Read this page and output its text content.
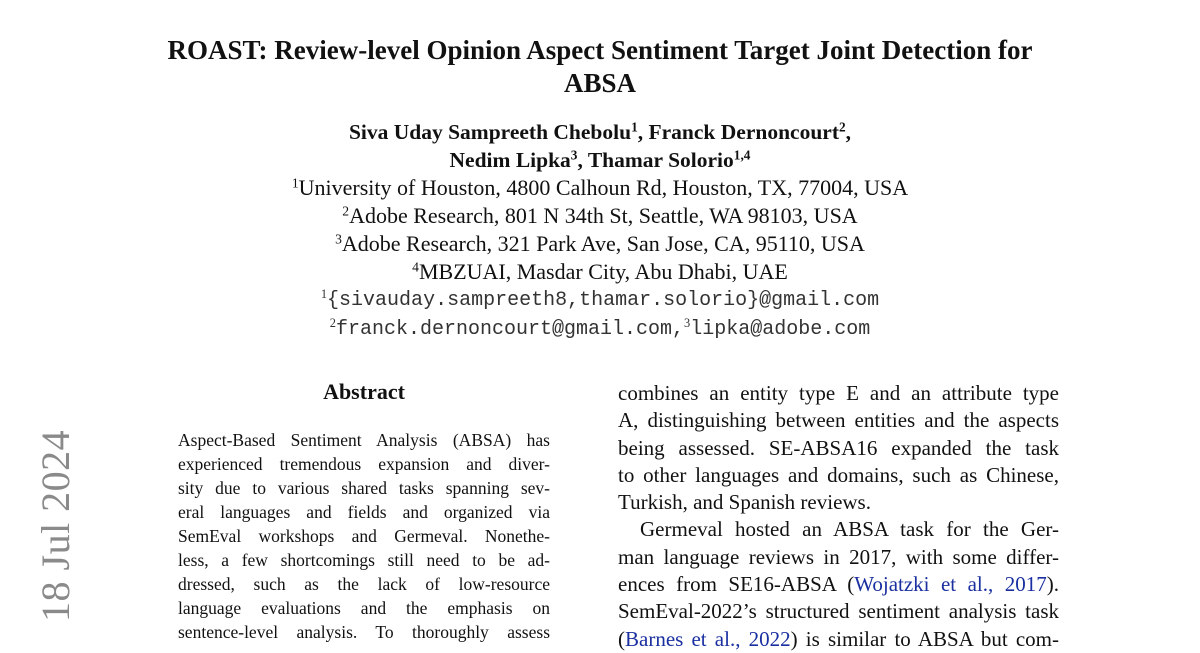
18 Jul 2024
ROAST: Review-level Opinion Aspect Sentiment Target Joint Detection for
ABSA
Siva Uday Sampreeth Chebolu$^1$, Franck Dernoncourt$^2$,
Nedim Lipka$^3$, Thamar Solorio$^{1,4}$
$^1$University of Houston, 4800 Calhoun Rd, Houston, TX, 77004, USA
$^2$Adobe Research, 801 N 34th St, Seattle, WA 98103, USA
$^3$Adobe Research, 321 Park Ave, San Jose, CA, 95110, USA
$^4$MBZUAI, Masdar City, Abu Dhabi, UAE
$^1${sivauday.sampreeth8,thamar.solorio}@gmail.com
$^2$franck.dernoncourt@gmail.com,$^3$lipka@adobe.com
Abstract
Aspect-Based Sentiment Analysis (ABSA) has
experienced tremendous expansion and diver-
sity due to various shared tasks spanning sev-
eral languages and fields and organized via
SemEval workshops and Germeval. Nonethe-
less, a few shortcomings still need to be ad-
dressed, such as the lack of low-resource
language evaluations and the emphasis on
sentence-level analysis. To thoroughly assess
combines an entity type E and an attribute type
A, distinguishing between entities and the aspects
being assessed. SE-ABSA16 expanded the task
to other languages and domains, such as Chinese,
Turkish, and Spanish reviews.
Germeval hosted an ABSA task for the Ger-
man language reviews in 2017, with some differ-
ences from SE16-ABSA (Wojatzki et al., 2017).
SemEval-2022’s structured sentiment analysis task
(Barnes et al., 2022) is similar to ABSA but com-
